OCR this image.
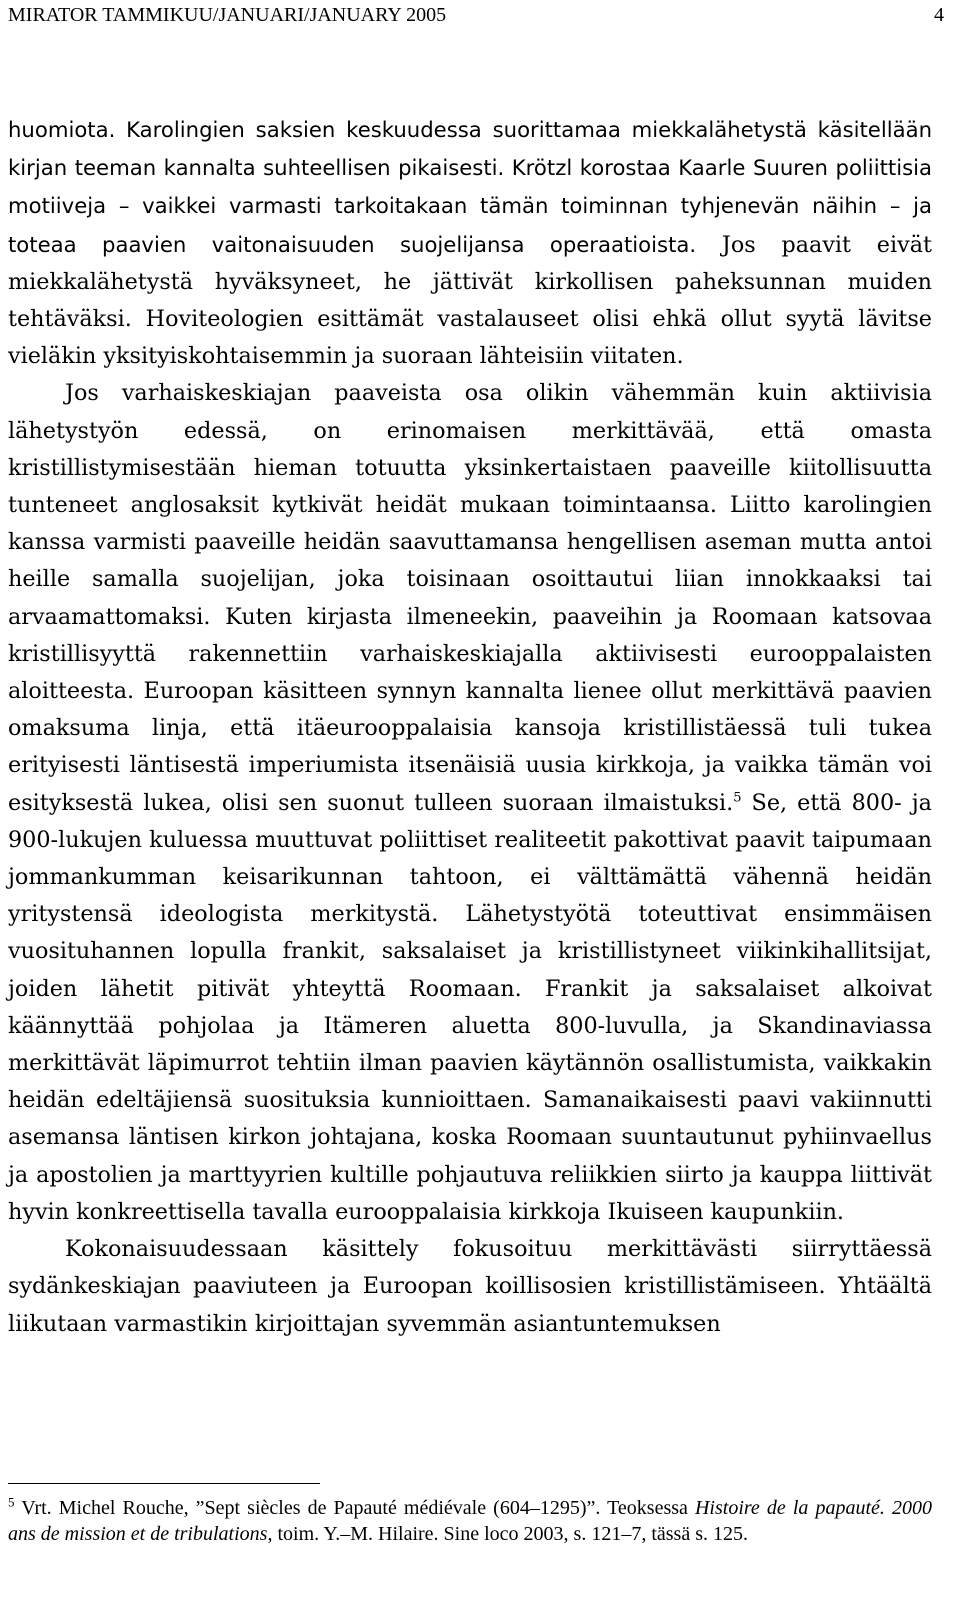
MIRATOR TAMMIKUU/JANUARI/JANUARY 2005	4

huomiota. Karolingien saksien keskuudessa suorittamaa miekkalähetystä käsitellään kirjan teeman kannalta suhteellisen pikaisesti. Krötzl korostaa Kaarle Suuren poliittisia motiiveja – vaikkei varmasti tarkoitakaan tämän toiminnan tyhjenevän näihin – ja toteaa paavien vaitonaisuuden suojelijansa operaatioista. Jos paavit eivät miekkalähetystä hyväksyneet, he jättivät kirkollisen paheksunnan muiden tehtäväksi. Hoviteologien esittämät vastalauseet olisi ehkä ollut syytä lävitse vieläkin yksityiskohtaisemmin ja suoraan lähteisiin viitaten.

Jos varhaiskeskiajan paaveista osa olikin vähemmän kuin aktiivisia lähetystyön edessä, on erinomaisen merkittävää, että omasta kristillistymisestään hieman totuutta yksinkertaistaen paaveille kiitollisuutta tunteneet anglosaksit kytkivät heidät mukaan toimintaansa. Liitto karolingien kanssa varmisti paaveille heidän saavuttamansa hengellisen aseman mutta antoi heille samalla suojelijan, joka toisinaan osoittautui liian innokkaaksi tai arvaamattomaksi. Kuten kirjasta ilmeneekin, paaveihin ja Roomaan katsovaa kristillisyyttä rakennettiin varhaiskeskiajalla aktiivisesti eurooppalaisten aloitteesta. Euroopan käsitteen synnyn kannalta lienee ollut merkittävä paavien omaksuma linja, että itäeurooppalaisia kansoja kristillistäessä tuli tukea erityisesti läntisestä imperiumista itsenäisiä uusia kirkkoja, ja vaikka tämän voi esityksestä lukea, olisi sen suonut tulleen suoraan ilmaistuksi.$^5$ Se, että 800- ja 900-lukujen kuluessa muuttuvat poliittiset realiteetit pakottivat paavit taipumaan jommankumman keisarikunnan tahtoon, ei välttämättä vähennä heidän yritystensä ideologista merkitystä. Lähetystyötä toteuttivat ensimmäisen vuosituhannen lopulla frankit, saksalaiset ja kristillistyneet viikinkihallitsijat, joiden lähetit pitivät yhteyttä Roomaan. Frankit ja saksalaiset alkoivat käännyttää pohjolaa ja Itämeren aluetta 800-luvulla, ja Skandinaviassa merkittävät läpimurrot tehtiin ilman paavien käytännön osallistumista, vaikkakin heidän edeltäjiensä suosituksia kunnioittaen. Samanaikaisesti paavi vakiinnutti asemansa läntisen kirkon johtajana, koska Roomaan suuntautunut pyhiinvaellus ja apostolien ja marttyyrien kultille pohjautuva reliikkien siirto ja kauppa liittivät hyvin konkreettisella tavalla eurooppalaisia kirkkoja Ikuiseen kaupunkiin.

Kokonaisuudessaan käsittely fokusoituu merkittävästi siirryttäessä sydänkeskiajan paaviuteen ja Euroopan koillisosien kristillistämiseen. Yhtäältä liikutaan varmastikin kirjoittajan syvemmän asiantuntemuksen

$^5$ Vrt. Michel Rouche, ”Sept siècles de Papauté médiévale (604–1295)”. Teoksessa Histoire de la papauté. 2000 ans de mission et de tribulations, toim. Y.–M. Hilaire. Sine loco 2003, s. 121–7, tässä s. 125.
